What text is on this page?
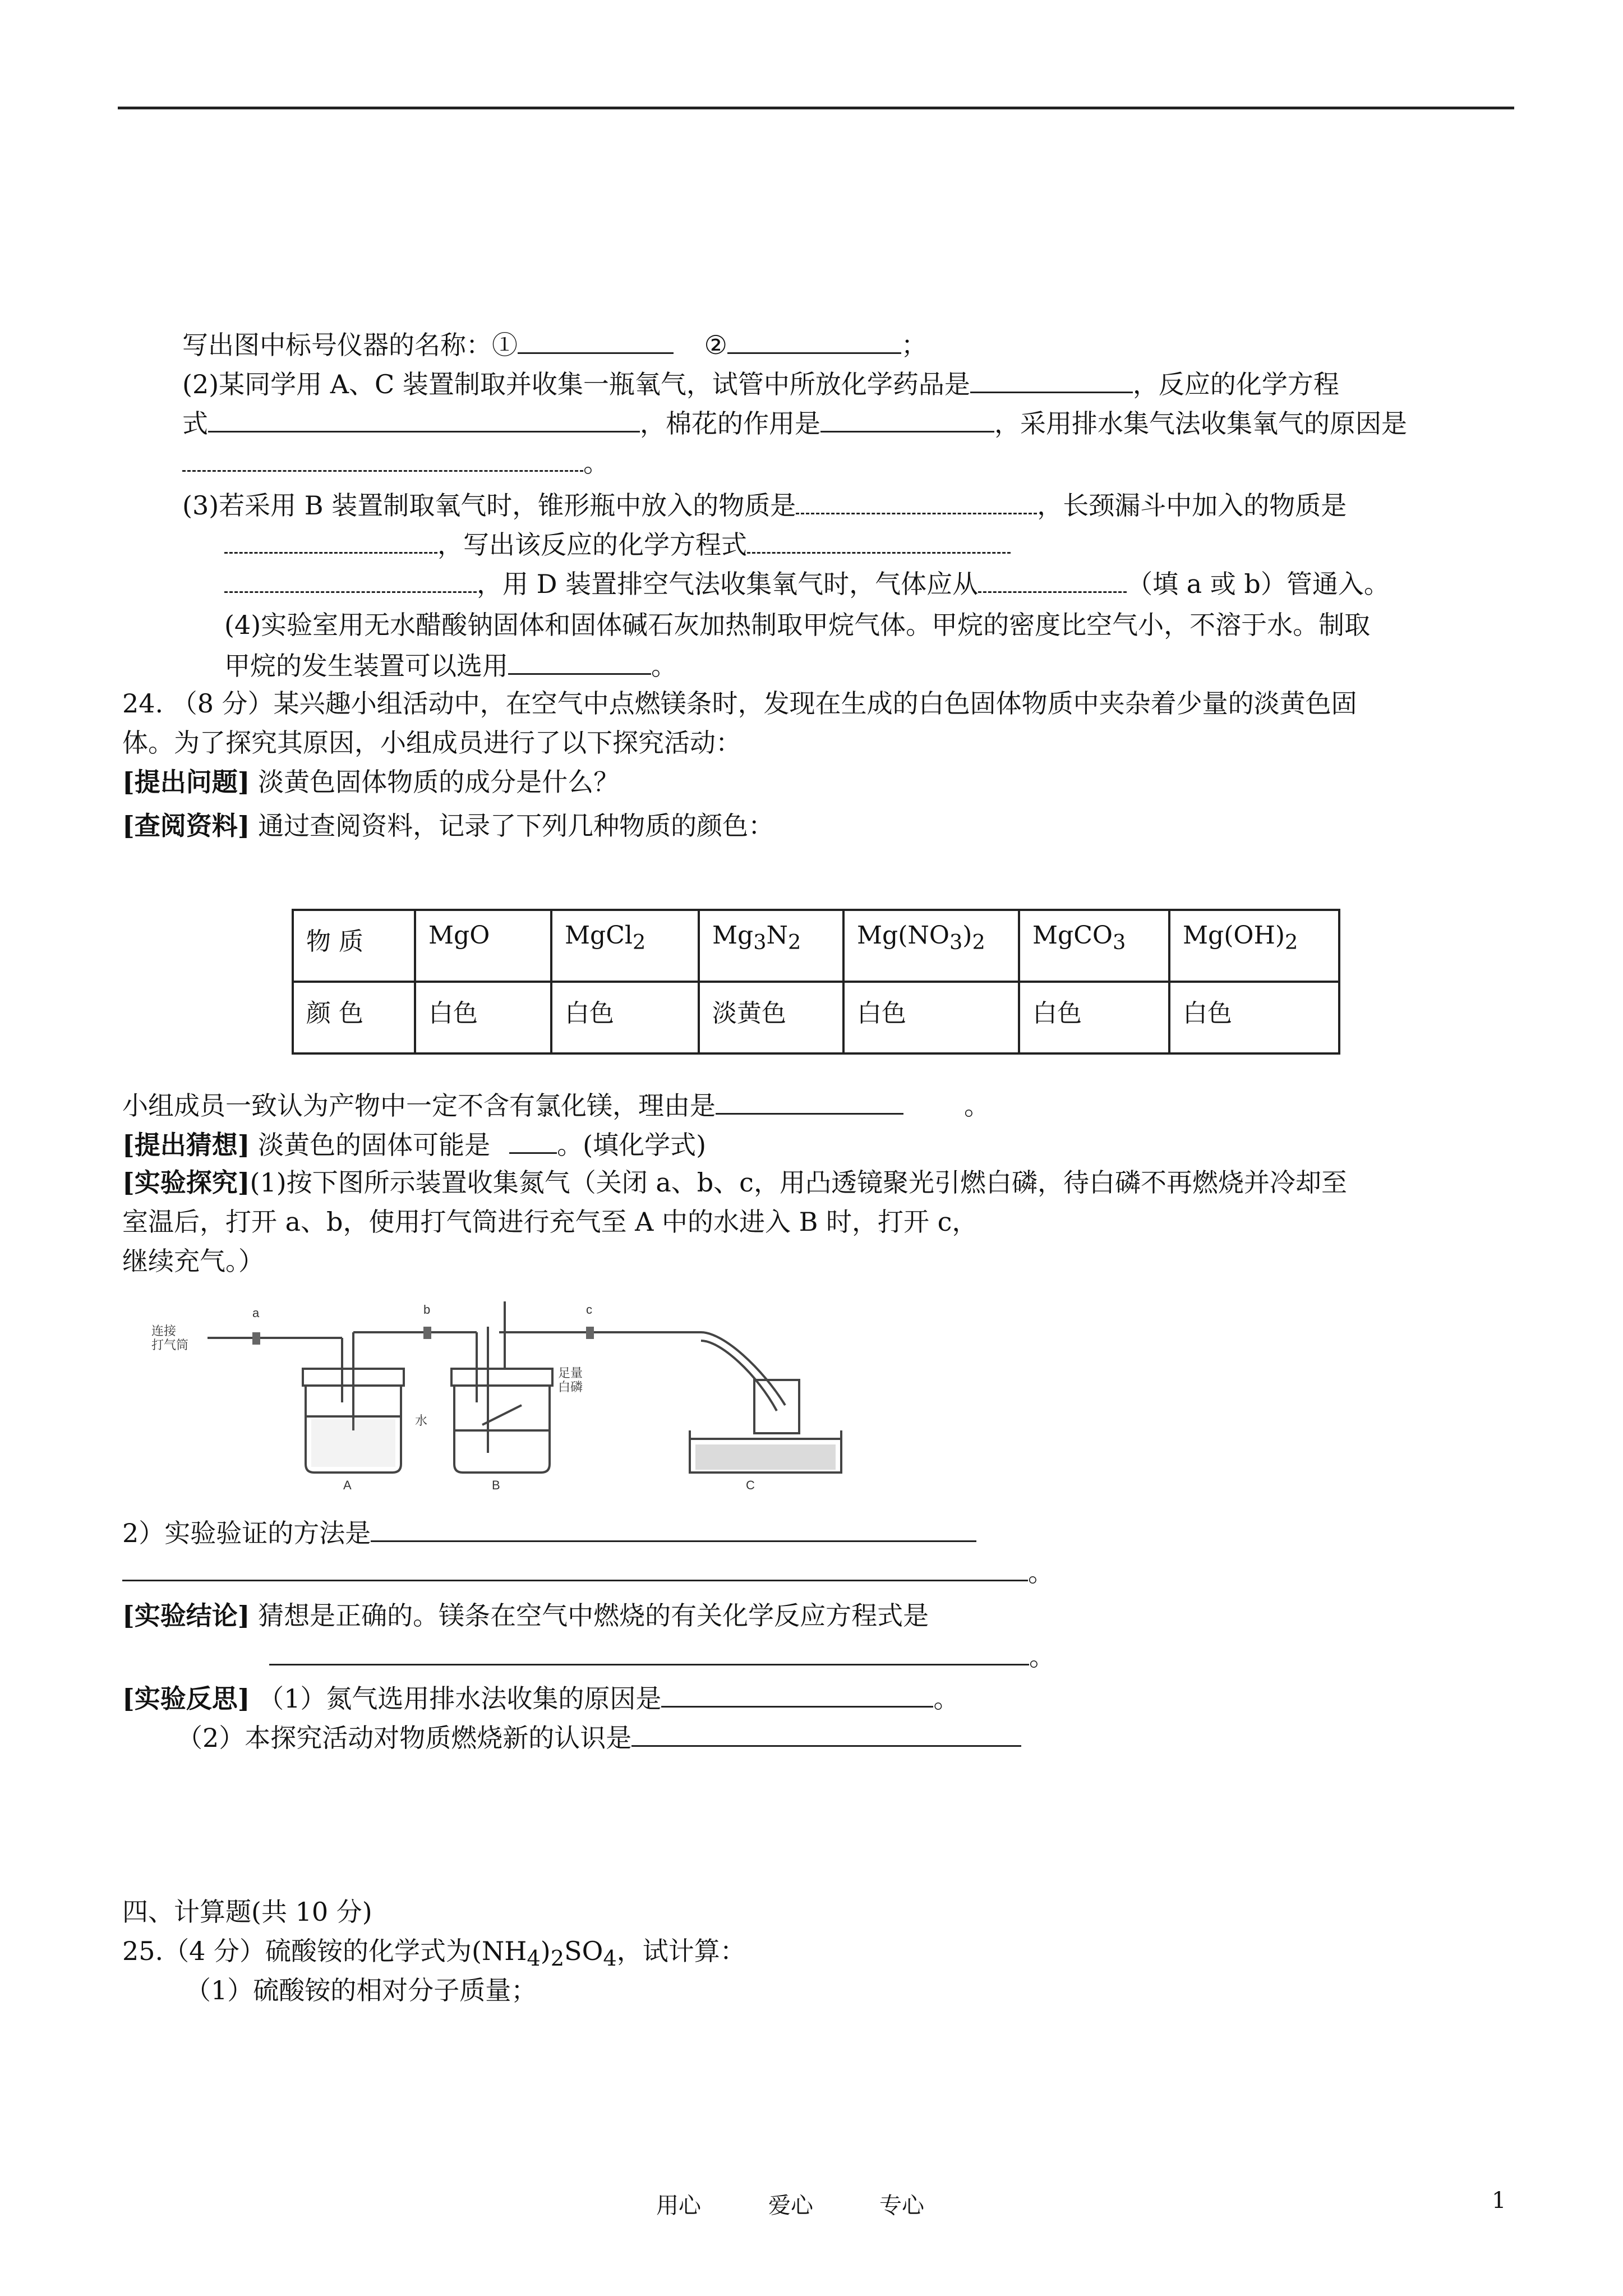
写出图中标号仪器的名称：①	②	；
(2)某同学用 A、C 装置制取并收集一瓶氧气，试管中所放化学药品是	，反应的化学方程
式	，棉花的作用是	，采用排水集气法收集氧气的原因是
。
(3)若采用 B 装置制取氧气时，锥形瓶中放入的物质是	，长颈漏斗中加入的物质是
，写出该反应的化学方程式
，用 D 装置排空气法收集氧气时，气体应从	（填 a 或 b）管通入。
(4)实验室用无水醋酸钠固体和固体碱石灰加热制取甲烷气体。甲烷的密度比空气小，不溶于水。制取
甲烷的发生装置可以选用	。
24. （8 分）某兴趣小组活动中，在空气中点燃镁条时，发现在生成的白色固体物质中夹杂着少量的淡黄色固
体。为了探究其原因，小组成员进行了以下探究活动：
[提出问题] 淡黄色固体物质的成分是什么？
[查阅资料] 通过查阅资料，记录了下列几种物质的颜色：
物 质	MgO	MgCl$_2$	$Mg_3N_2$	$Mg(NO_3)_2$	MgCO$_3$	$Mg(OH)_2$
颜 色	白色	白色	淡黄色	白色	白色	白色
小组成员一致认为产物中一定不含有氯化镁，理由是	。
[提出猜想] 淡黄色的固体可能是	。(填化学式)
[实验探究](1)按下图所示装置收集氮气（关闭 a、b、c，用凸透镜聚光引燃白磷，待白磷不再燃烧并冷却至
室温后，打开 a、b，使用打气筒进行充气至 A 中的水进入 B 时，打开 c，
继续充气。）
a	b	c
连接
打气筒
水
足量
白磷
A	B	C
2）实验验证的方法是
。
[实验结论] 猜想是正确的。镁条在空气中燃烧的有关化学反应方程式是
。
[实验反思] （1）氮气选用排水法收集的原因是	。
（2）本探究活动对物质燃烧新的认识是
四、计算题(共 10 分)
25.（4 分）硫酸铵的化学式为$(NH_4)_2SO_4$，试计算：
（1）硫酸铵的相对分子质量；
用心	爱心	专心	1
